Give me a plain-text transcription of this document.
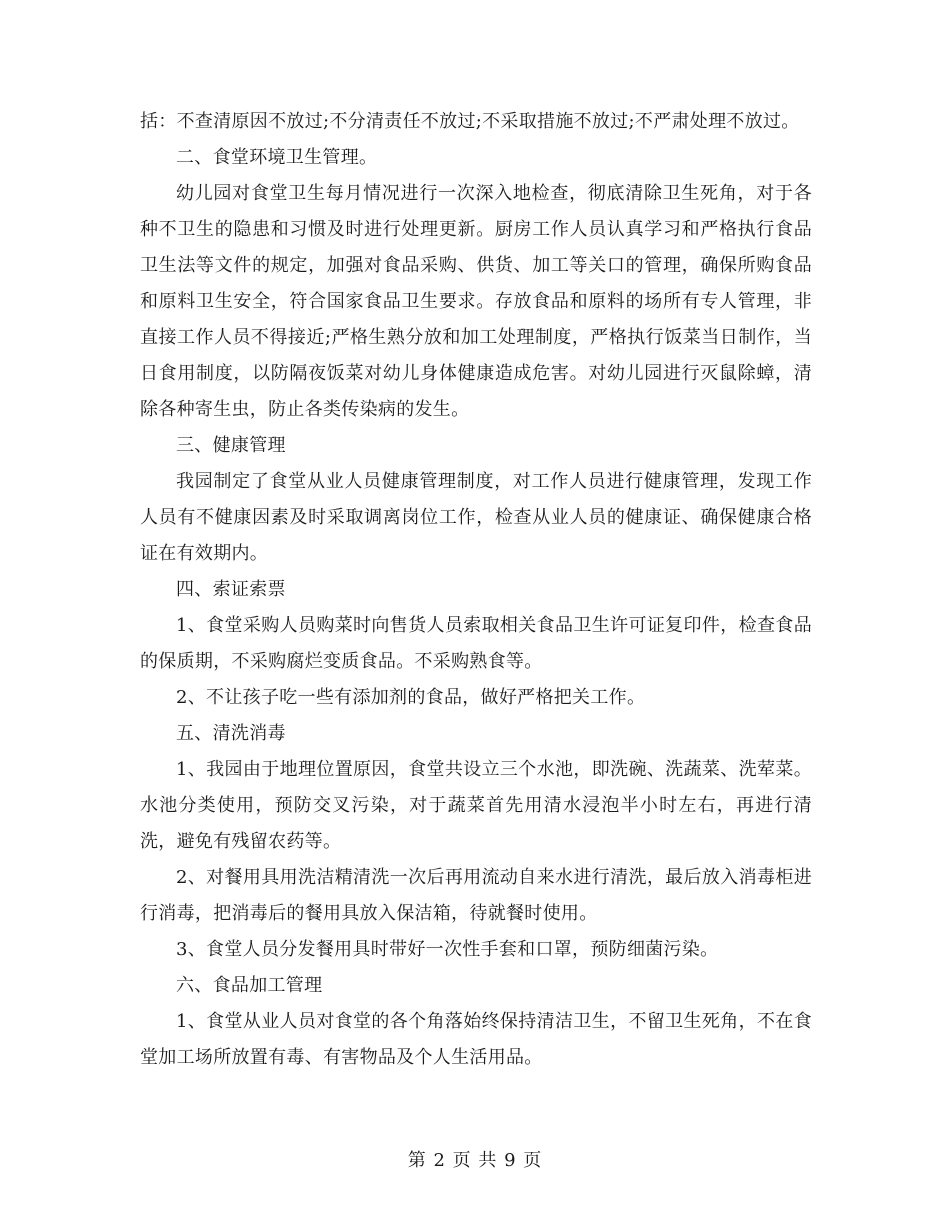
括：不查清原因不放过;不分清责任不放过;不采取措施不放过;不严肃处理不放过。

二、食堂环境卫生管理。

幼儿园对食堂卫生每月情况进行一次深入地检查，彻底清除卫生死角，对于各种不卫生的隐患和习惯及时进行处理更新。厨房工作人员认真学习和严格执行食品卫生法等文件的规定，加强对食品采购、供货、加工等关口的管理，确保所购食品和原料卫生安全，符合国家食品卫生要求。存放食品和原料的场所有专人管理，非直接工作人员不得接近;严格生熟分放和加工处理制度，严格执行饭菜当日制作，当日食用制度，以防隔夜饭菜对幼儿身体健康造成危害。对幼儿园进行灭鼠除蟑，清除各种寄生虫，防止各类传染病的发生。

三、健康管理

我园制定了食堂从业人员健康管理制度，对工作人员进行健康管理，发现工作人员有不健康因素及时采取调离岗位工作，检查从业人员的健康证、确保健康合格证在有效期内。

四、索证索票

1、食堂采购人员购菜时向售货人员索取相关食品卫生许可证复印件，检查食品的保质期，不采购腐烂变质食品。不采购熟食等。

2、不让孩子吃一些有添加剂的食品，做好严格把关工作。

五、清洗消毒

1、我园由于地理位置原因，食堂共设立三个水池，即洗碗、洗蔬菜、洗荤菜。水池分类使用，预防交叉污染，对于蔬菜首先用清水浸泡半小时左右，再进行清洗，避免有残留农药等。

2、对餐用具用洗洁精清洗一次后再用流动自来水进行清洗，最后放入消毒柜进行消毒，把消毒后的餐用具放入保洁箱，待就餐时使用。

3、食堂人员分发餐用具时带好一次性手套和口罩，预防细菌污染。

六、食品加工管理

1、食堂从业人员对食堂的各个角落始终保持清洁卫生，不留卫生死角，不在食堂加工场所放置有毒、有害物品及个人生活用品。

第 2 页 共 9 页
